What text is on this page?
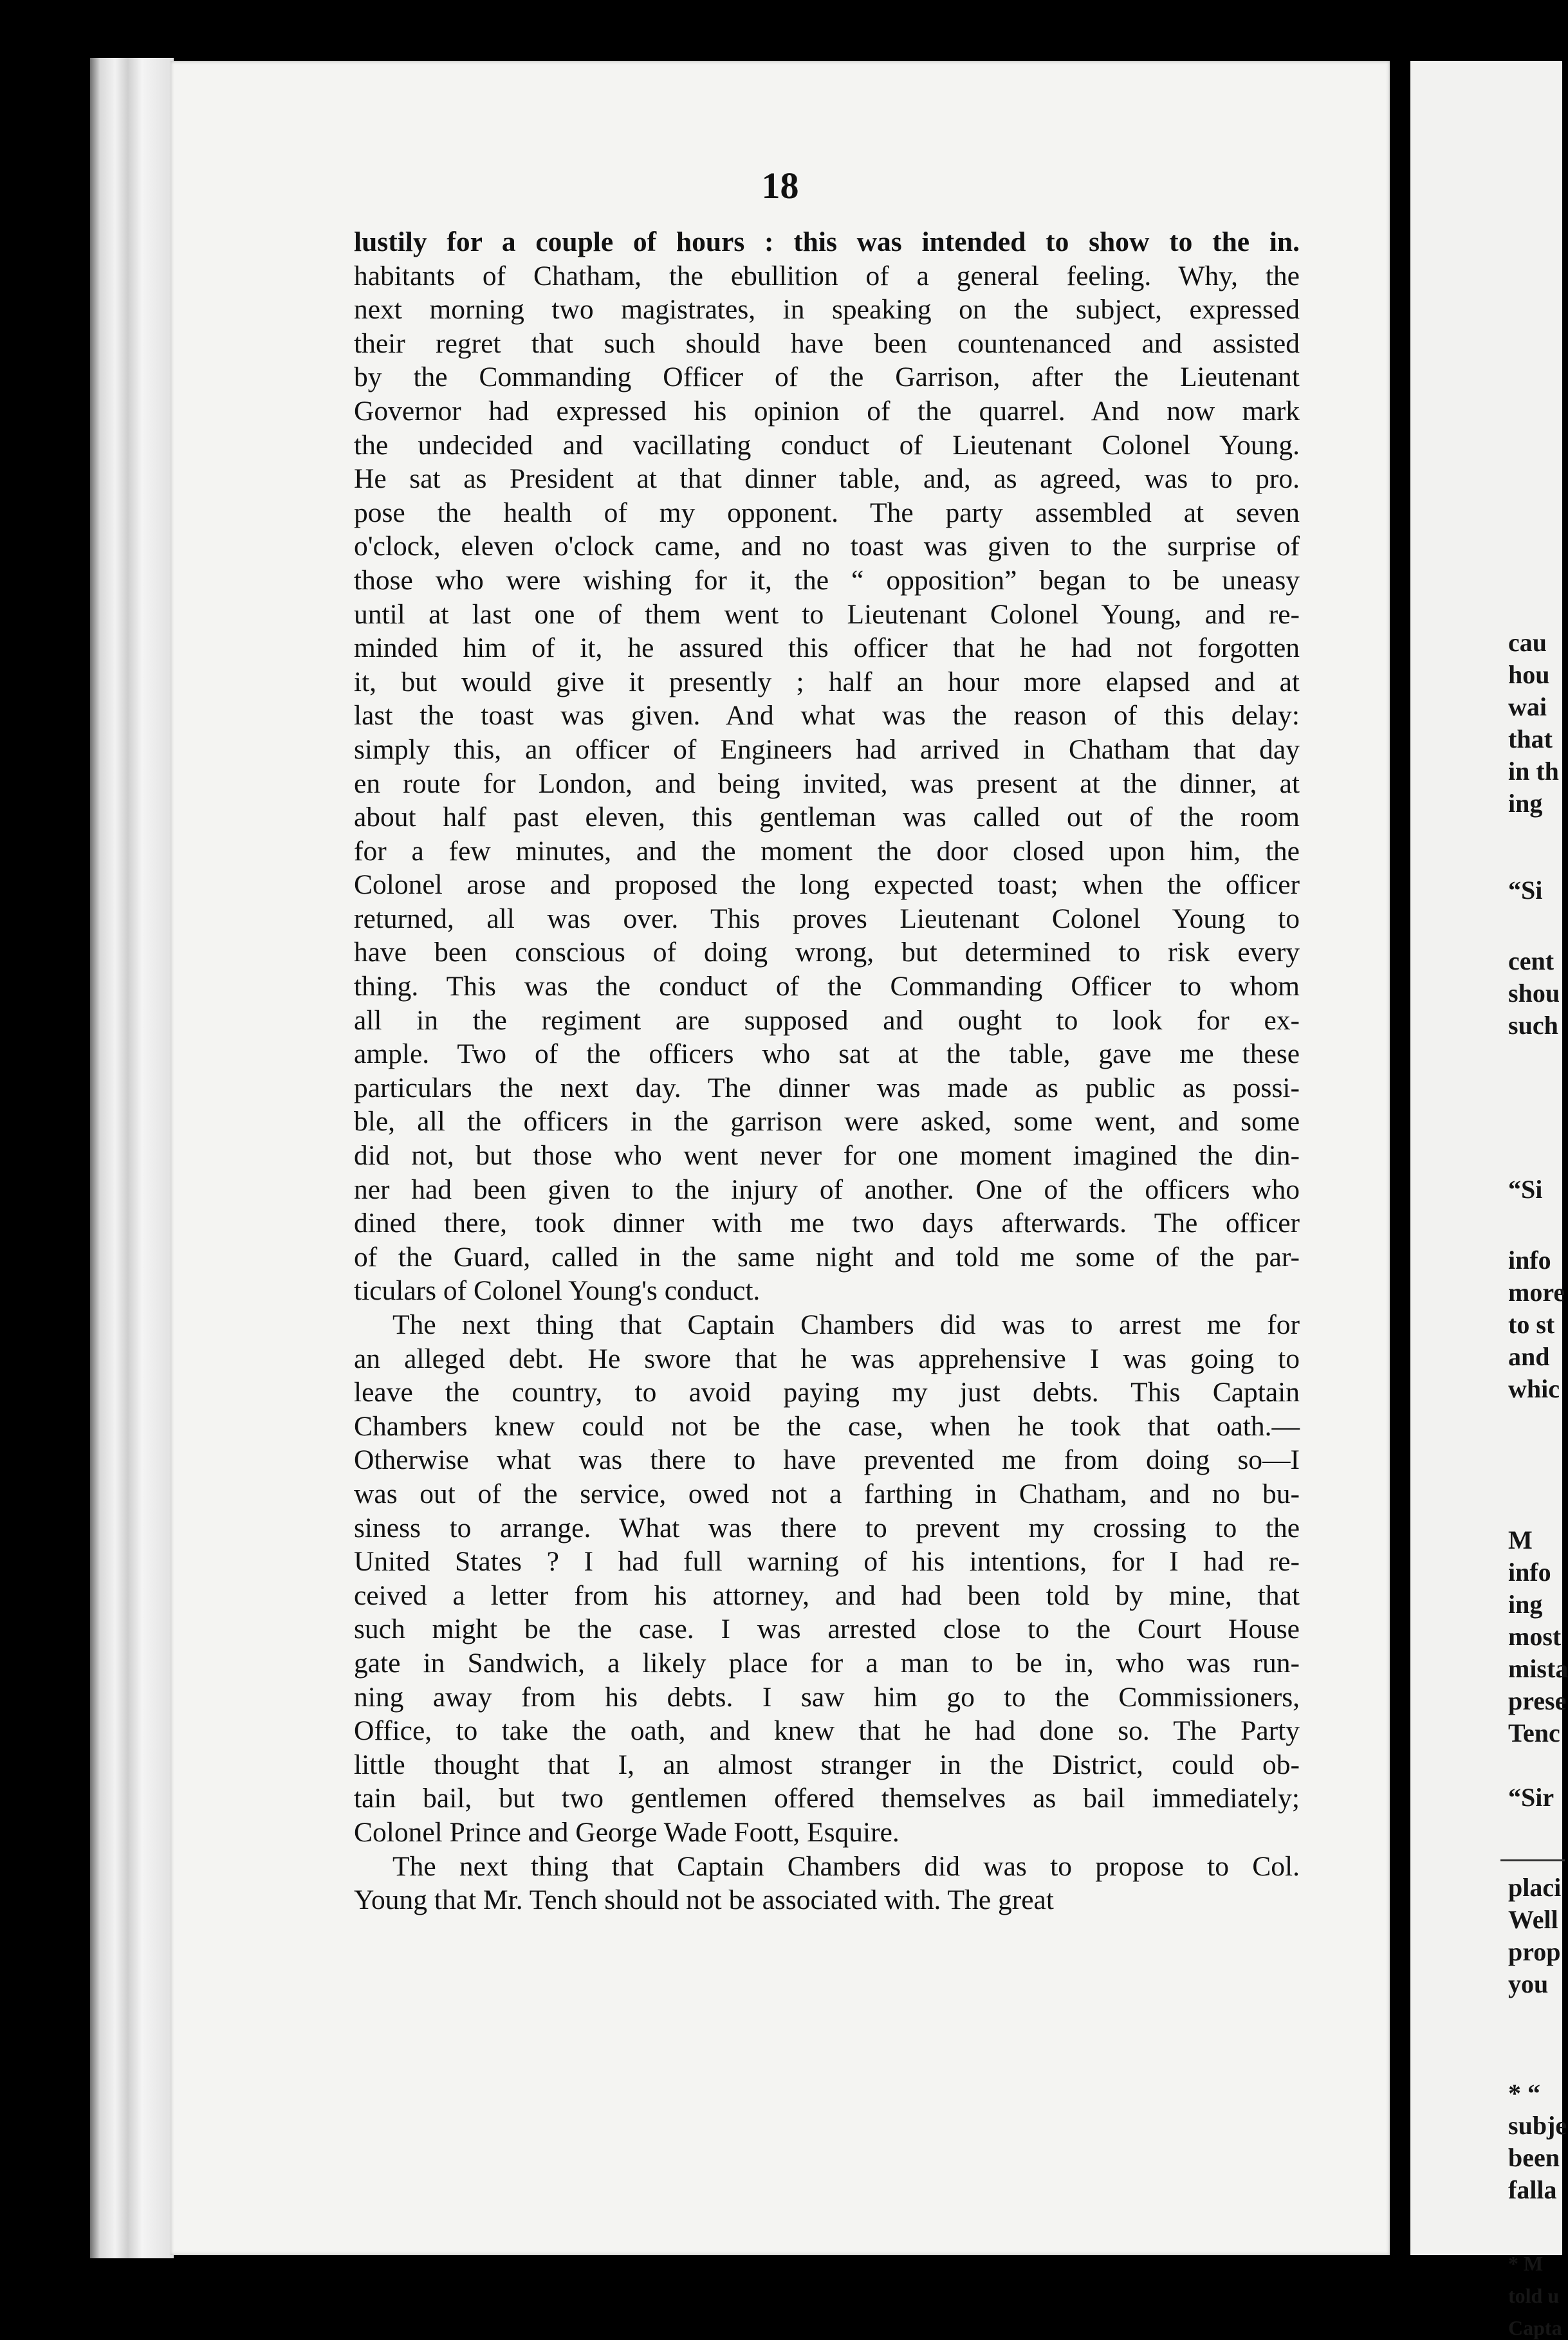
18
lustily for a couple of hours : this was intended to show to the in.
habitants of Chatham, the ebullition of a general feeling. Why, the
next morning two magistrates, in speaking on the subject, expressed
their regret that such should have been countenanced and assisted
by the Commanding Officer of the Garrison, after the Lieutenant
Governor had expressed his opinion of the quarrel. And now mark
the undecided and vacillating conduct of Lieutenant Colonel Young.
He sat as President at that dinner table, and, as agreed, was to pro.
pose the health of my opponent. The party assembled at seven
o'clock, eleven o'clock came, and no toast was given to the surprise of
those who were wishing for it, the “ opposition” began to be uneasy
until at last one of them went to Lieutenant Colonel Young, and re-
minded him of it, he assured this officer that he had not forgotten
it, but would give it presently ; half an hour more elapsed and at
last the toast was given. And what was the reason of this delay:
simply this, an officer of Engineers had arrived in Chatham that day
en route for London, and being invited, was present at the dinner, at
about half past eleven, this gentleman was called out of the room
for a few minutes, and the moment the door closed upon him, the
Colonel arose and proposed the long expected toast; when the officer
returned, all was over. This proves Lieutenant Colonel Young to
have been conscious of doing wrong, but determined to risk every
thing. This was the conduct of the Commanding Officer to whom
all in the regiment are supposed and ought to look for ex-
ample. Two of the officers who sat at the table, gave me these
particulars the next day. The dinner was made as public as possi-
ble, all the officers in the garrison were asked, some went, and some
did not, but those who went never for one moment imagined the din-
ner had been given to the injury of another. One of the officers who
dined there, took dinner with me two days afterwards. The officer
of the Guard, called in the same night and told me some of the par-
ticulars of Colonel Young's conduct.
The next thing that Captain Chambers did was to arrest me for
an alleged debt. He swore that he was apprehensive I was going to
leave the country, to avoid paying my just debts. This Captain
Chambers knew could not be the case, when he took that oath.—
Otherwise what was there to have prevented me from doing so—I
was out of the service, owed not a farthing in Chatham, and no bu-
siness to arrange. What was there to prevent my crossing to the
United States ? I had full warning of his intentions, for I had re-
ceived a letter from his attorney, and had been told by mine, that
such might be the case. I was arrested close to the Court House
gate in Sandwich, a likely place for a man to be in, who was run-
ning away from his debts. I saw him go to the Commissioners,
Office, to take the oath, and knew that he had done so. The Party
little thought that I, an almost stranger in the District, could ob-
tain bail, but two gentlemen offered themselves as bail immediately;
Colonel Prince and George Wade Foott, Esquire.
The next thing that Captain Chambers did was to propose to Col.
Young that Mr. Tench should not be associated with. The great
cau
hou
wai
that
in th
ing
“Si
cent
shou
such
“Si
info
more
to st
and
whic
M
info
ing
most
mista
prese
Tenc
“Sir
placi
Well
prop
you
* “
subje
been
falla
* M
told u
Capta
